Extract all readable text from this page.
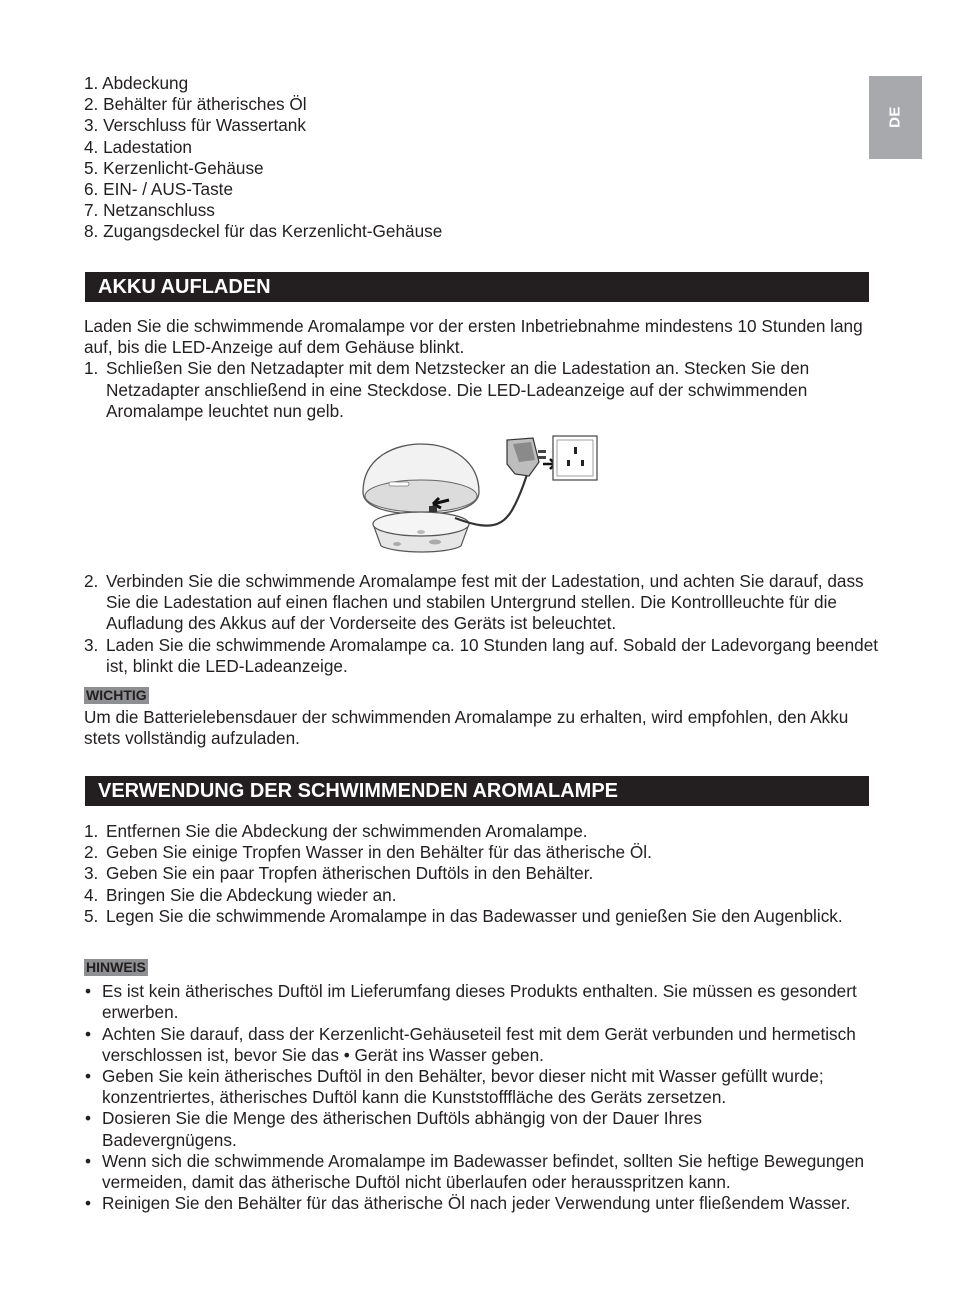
DE
1. Abdeckung
2. Behälter für ätherisches Öl
3. Verschluss für Wassertank
4. Ladestation
5. Kerzenlicht-Gehäuse
6. EIN- / AUS-Taste
7. Netzanschluss
8. Zugangsdeckel für das Kerzenlicht-Gehäuse
AKKU AUFLADEN

Laden Sie die schwimmende Aromalampe vor der ersten Inbetriebnahme mindestens 10 Stunden lang auf, bis die LED-Anzeige auf dem Gehäuse blinkt.

1. Schließen Sie den Netzadapter mit dem Netzstecker an die Ladestation an. Stecken Sie den Netzadapter anschließend in eine Steckdose. Die LED-Ladeanzeige auf der schwimmenden Aromalampe leuchtet nun gelb.
2. Verbinden Sie die schwimmende Aromalampe fest mit der Ladestation, und achten Sie darauf, dass Sie die Ladestation auf einen flachen und stabilen Untergrund stellen. Die Kontrollleuchte für die Aufladung des Akkus auf der Vorderseite des Geräts ist beleuchtet.
3. Laden Sie die schwimmende Aromalampe ca. 10 Stunden lang auf. Sobald der Ladevorgang beendet ist, blinkt die LED-Ladeanzeige.
WICHTIG

Um die Batterielebensdauer der schwimmenden Aromalampe zu erhalten, wird empfohlen, den Akku stets vollständig aufzuladen.

VERWENDUNG DER SCHWIMMENDEN AROMALAMPE
1. Entfernen Sie die Abdeckung der schwimmenden Aromalampe.
2. Geben Sie einige Tropfen Wasser in den Behälter für das ätherische Öl.
3. Geben Sie ein paar Tropfen ätherischen Duftöls in den Behälter.
4. Bringen Sie die Abdeckung wieder an.
5. Legen Sie die schwimmende Aromalampe in das Badewasser und genießen Sie den Augenblick.
HINWEIS
• Es ist kein ätherisches Duftöl im Lieferumfang dieses Produkts enthalten. Sie müssen es gesondert erwerben.
• Achten Sie darauf, dass der Kerzenlicht-Gehäuseteil fest mit dem Gerät verbunden und hermetisch verschlossen ist, bevor Sie das • Gerät ins Wasser geben.
• Geben Sie kein ätherisches Duftöl in den Behälter, bevor dieser nicht mit Wasser gefüllt wurde; konzentriertes, ätherisches Duftöl kann die Kunststofffläche des Geräts zersetzen.
• Dosieren Sie die Menge des ätherischen Duftöls abhängig von der Dauer Ihres Badevergnügens.
• Wenn sich die schwimmende Aromalampe im Badewasser befindet, sollten Sie heftige Bewegungen vermeiden, damit das ätherische Duftöl nicht überlaufen oder herausspritzen kann.
• Reinigen Sie den Behälter für das ätherische Öl nach jeder Verwendung unter fließendem Wasser.
